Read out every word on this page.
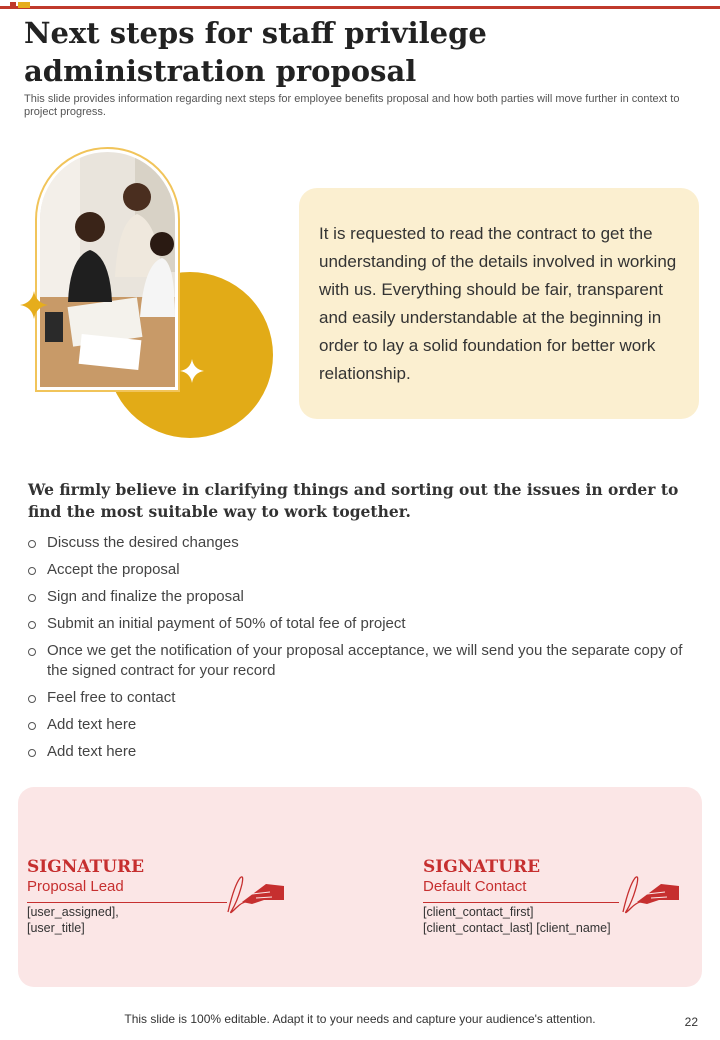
Next steps for staff privilege administration proposal

This slide provides information regarding next steps for employee benefits proposal and how both parties will move further in context to project progress.

It is requested to read the contract to get the understanding of the details involved in working with us. Everything should be fair, transparent and easily understandable at the beginning in order to lay a solid foundation for better work relationship.

We firmly believe in clarifying things and sorting out the issues in order to find the most suitable way to work together.

Discuss the desired changes
Accept the proposal
Sign and finalize the proposal
Submit an initial payment of 50% of total fee of project
Once we get the notification of your proposal acceptance, we will send you the separate copy of the signed contract for your record
Feel free to contact
Add text here
Add text here
SIGNATURE
Proposal Lead
[user_assigned],
[user_title]
SIGNATURE
Default Contact
[client_contact_first]
[client_contact_last] [client_name]
This slide is 100% editable. Adapt it to your needs and capture your audience's attention.	22
